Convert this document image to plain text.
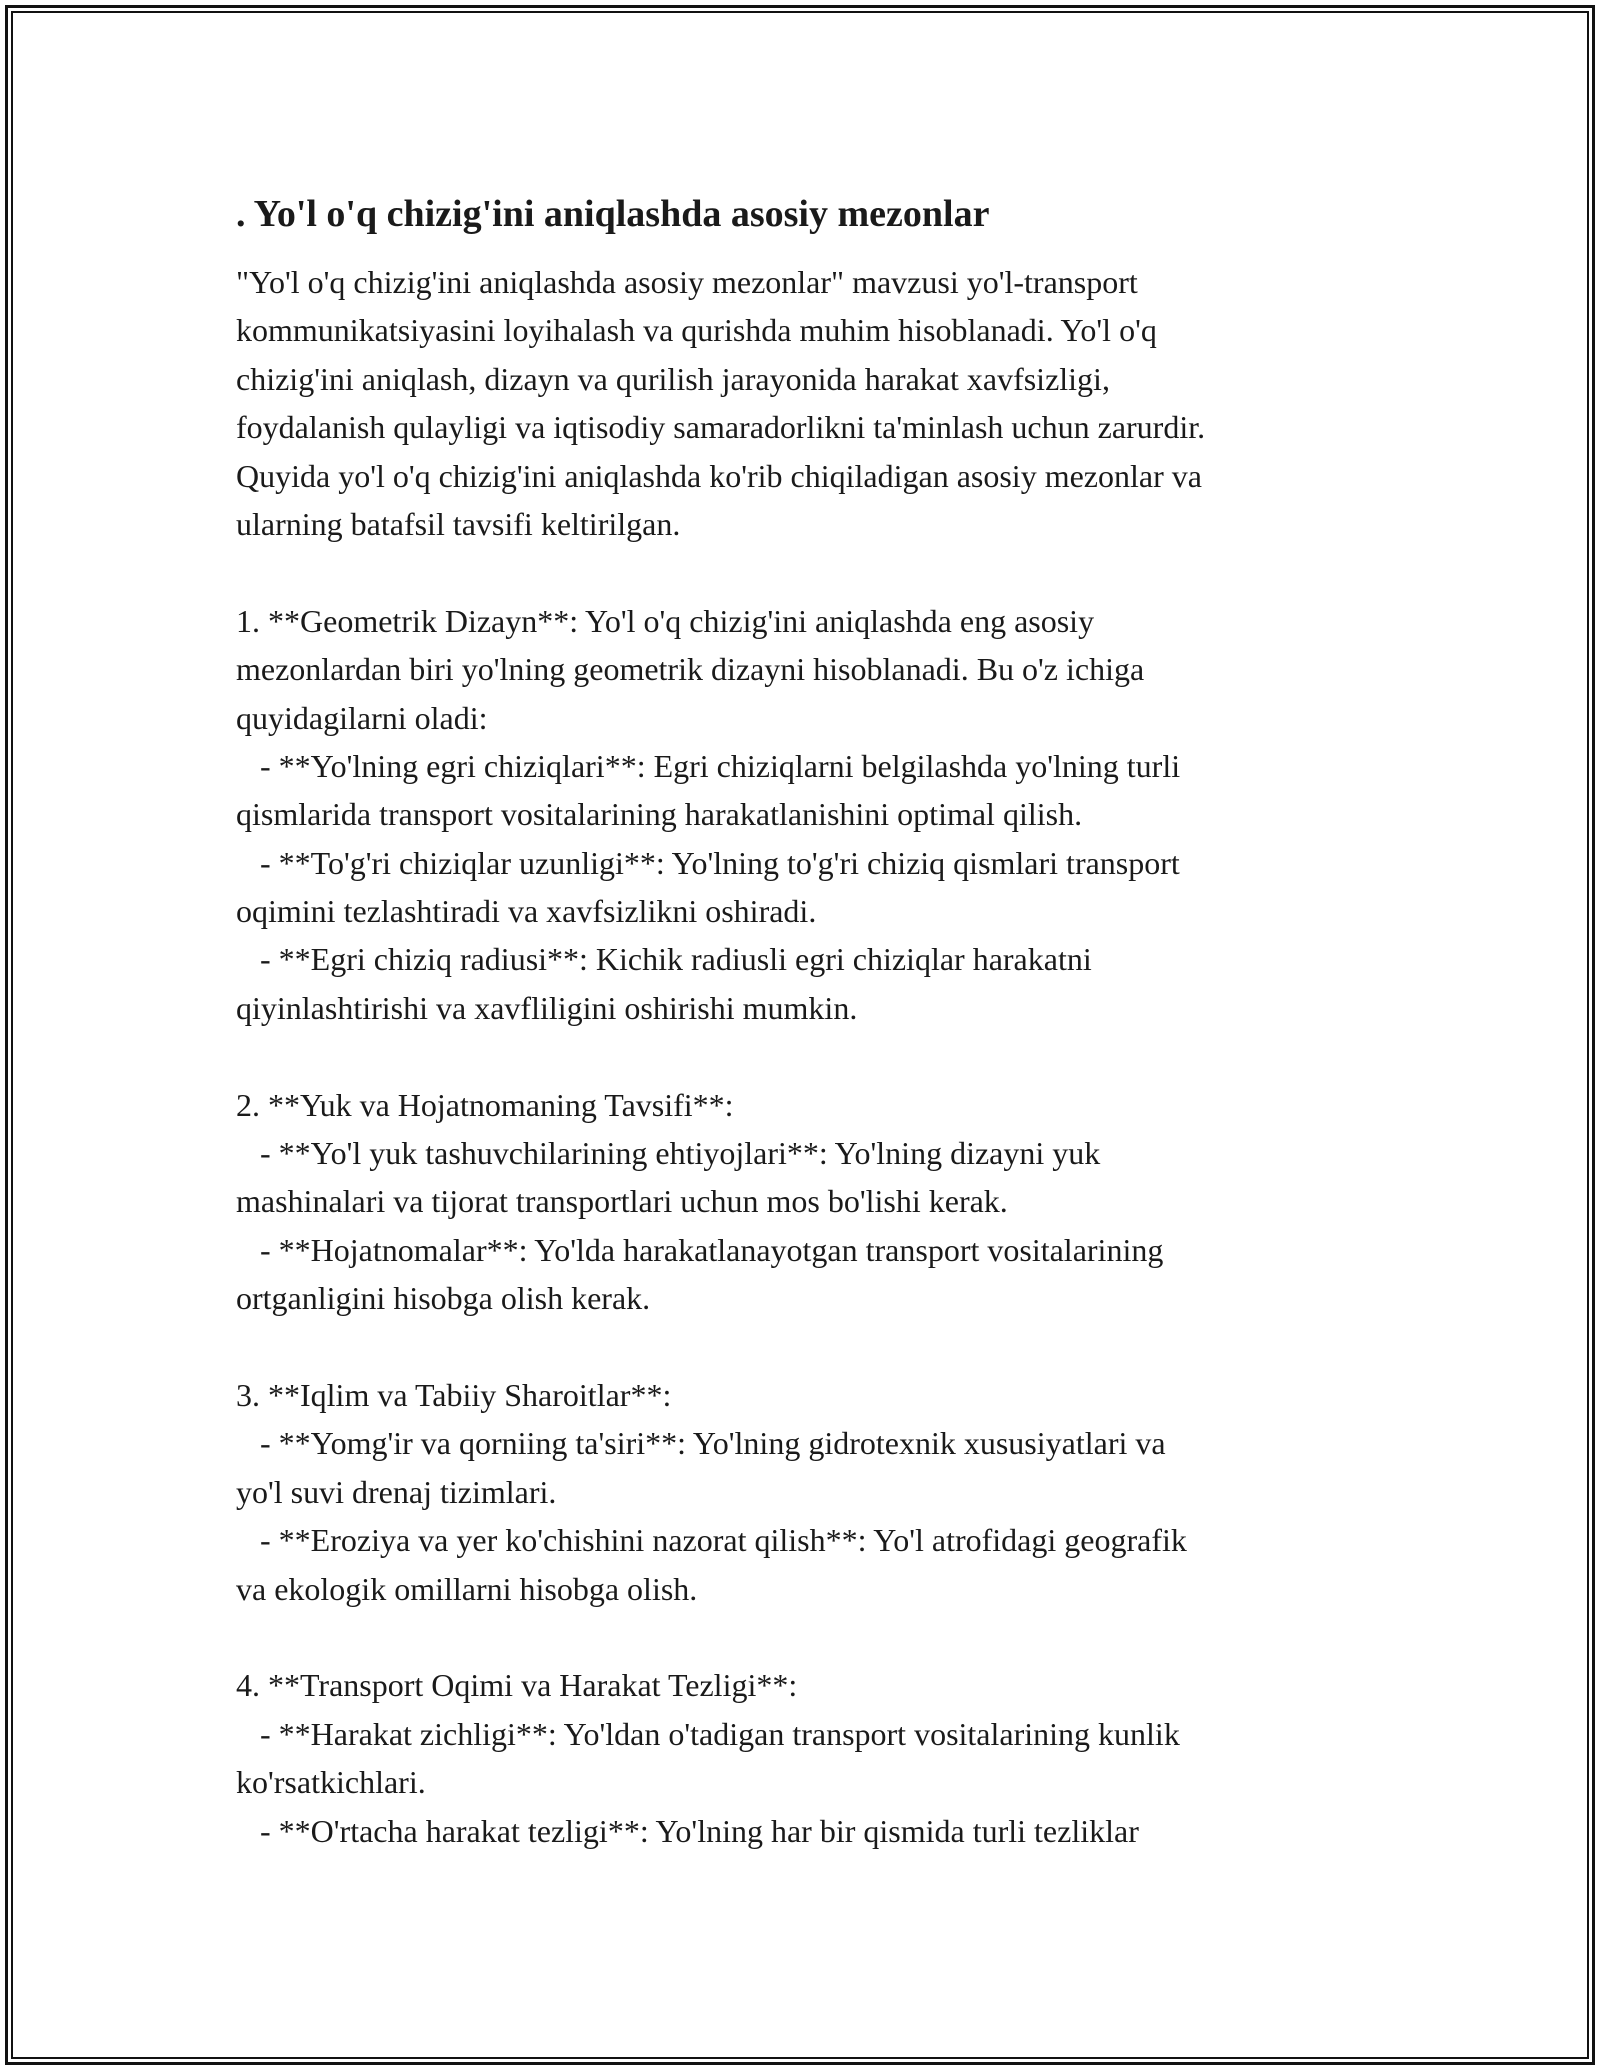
. Yo'l o'q chizig'ini aniqlashda asosiy mezonlar
"Yo'l o'q chizig'ini aniqlashda asosiy mezonlar" mavzusi yo'l-transport
kommunikatsiyasini loyihalash va qurishda muhim hisoblanadi. Yo'l o'q
chizig'ini aniqlash, dizayn va qurilish jarayonida harakat xavfsizligi,
foydalanish qulayligi va iqtisodiy samaradorlikni ta'minlash uchun zarurdir.
Quyida yo'l o'q chizig'ini aniqlashda ko'rib chiqiladigan asosiy mezonlar va
ularning batafsil tavsifi keltirilgan.
1. **Geometrik Dizayn**: Yo'l o'q chizig'ini aniqlashda eng asosiy
mezonlardan biri yo'lning geometrik dizayni hisoblanadi. Bu o'z ichiga
quyidagilarni oladi:
- **Yo'lning egri chiziqlari**: Egri chiziqlarni belgilashda yo'lning turli
qismlarida transport vositalarining harakatlanishini optimal qilish.
- **To'g'ri chiziqlar uzunligi**: Yo'lning to'g'ri chiziq qismlari transport
oqimini tezlashtiradi va xavfsizlikni oshiradi.
- **Egri chiziq radiusi**: Kichik radiusli egri chiziqlar harakatni
qiyinlashtirishi va xavfliligini oshirishi mumkin.
2. **Yuk va Hojatnomaning Tavsifi**:
- **Yo'l yuk tashuvchilarining ehtiyojlari**: Yo'lning dizayni yuk
mashinalari va tijorat transportlari uchun mos bo'lishi kerak.
- **Hojatnomalar**: Yo'lda harakatlanayotgan transport vositalarining
ortganligini hisobga olish kerak.
3. **Iqlim va Tabiiy Sharoitlar**:
- **Yomg'ir va qorniing ta'siri**: Yo'lning gidrotexnik xususiyatlari va
yo'l suvi drenaj tizimlari.
- **Eroziya va yer ko'chishini nazorat qilish**: Yo'l atrofidagi geografik
va ekologik omillarni hisobga olish.
4. **Transport Oqimi va Harakat Tezligi**:
- **Harakat zichligi**: Yo'ldan o'tadigan transport vositalarining kunlik
ko'rsatkichlari.
- **O'rtacha harakat tezligi**: Yo'lning har bir qismida turli tezliklar
